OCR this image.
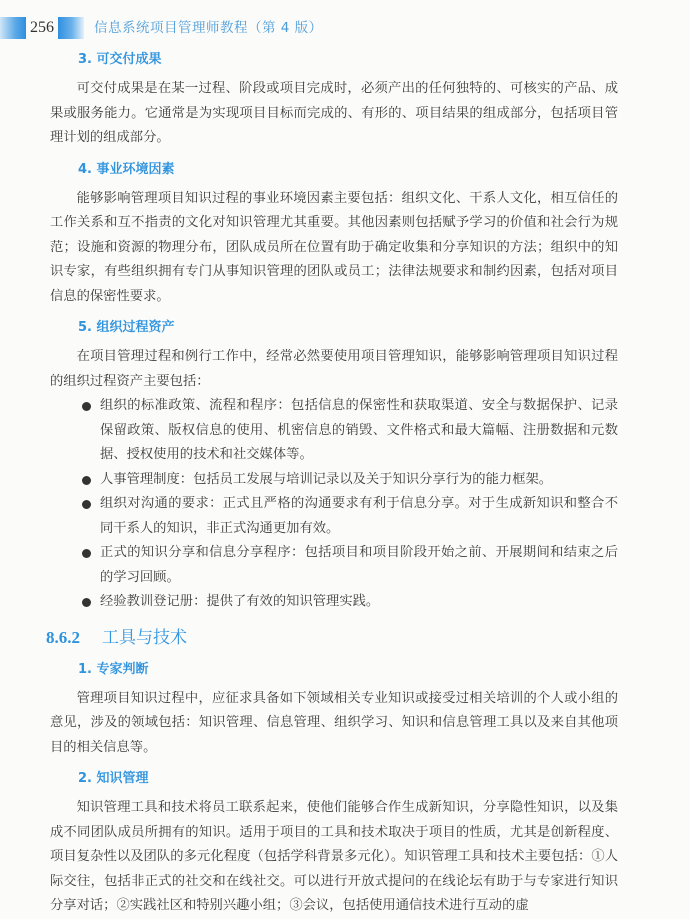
256	信息系统项目管理师教程（第 4 版）
3. 可交付成果

可交付成果是在某一过程、阶段或项目完成时，必须产出的任何独特的、可核实的产品、成果或服务能力。它通常是为实现项目目标而完成的、有形的、项目结果的组成部分，包括项目管理计划的组成部分。

4. 事业环境因素

能够影响管理项目知识过程的事业环境因素主要包括：组织文化、干系人文化，相互信任的工作关系和互不指责的文化对知识管理尤其重要。其他因素则包括赋予学习的价值和社会行为规范；设施和资源的物理分布，团队成员所在位置有助于确定收集和分享知识的方法；组织中的知识专家，有些组织拥有专门从事知识管理的团队或员工；法律法规要求和制约因素，包括对项目信息的保密性要求。

5. 组织过程资产

在项目管理过程和例行工作中，经常必然要使用项目管理知识，能够影响管理项目知识过程的组织过程资产主要包括：

组织的标准政策、流程和程序：包括信息的保密性和获取渠道、安全与数据保护、记录保留政策、版权信息的使用、机密信息的销毁、文件格式和最大篇幅、注册数据和元数据、授权使用的技术和社交媒体等。
人事管理制度：包括员工发展与培训记录以及关于知识分享行为的能力框架。
组织对沟通的要求：正式且严格的沟通要求有利于信息分享。对于生成新知识和整合不同干系人的知识，非正式沟通更加有效。
正式的知识分享和信息分享程序：包括项目和项目阶段开始之前、开展期间和结束之后的学习回顾。
经验教训登记册：提供了有效的知识管理实践。
8.6.2 工具与技术
1. 专家判断

管理项目知识过程中，应征求具备如下领域相关专业知识或接受过相关培训的个人或小组的意见，涉及的领域包括：知识管理、信息管理、组织学习、知识和信息管理工具以及来自其他项目的相关信息等。

2. 知识管理

知识管理工具和技术将员工联系起来，使他们能够合作生成新知识，分享隐性知识，以及集成不同团队成员所拥有的知识。适用于项目的工具和技术取决于项目的性质，尤其是创新程度、项目复杂性以及团队的多元化程度（包括学科背景多元化）。知识管理工具和技术主要包括：①人际交往，包括非正式的社交和在线社交。可以进行开放式提问的在线论坛有助于与专家进行知识分享对话；②实践社区和特别兴趣小组；③会议，包括使用通信技术进行互动的虚
